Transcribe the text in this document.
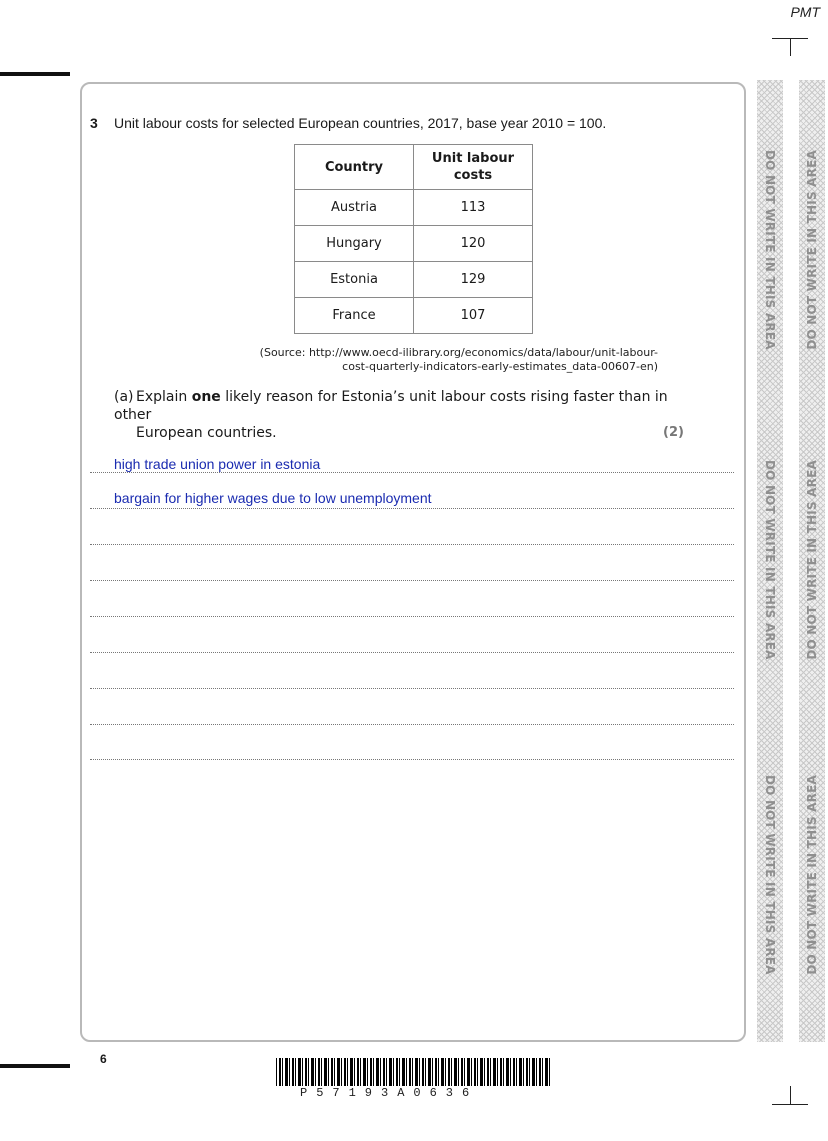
PMT
3 Unit labour costs for selected European countries, 2017, base year 2010 = 100.
Country	Unit labour costs

Austria	113
Hungary	120
Estonia	129
France	107
(Source: http://www.oecd-ilibrary.org/economics/data/labour/unit-labour-
cost-quarterly-indicators-early-estimates_data-00607-en)
(a) Explain one likely reason for Estonia’s unit labour costs rising faster than in other
European countries.	(2)
high trade union power in estonia
bargain for higher wages due to low unemployment
DO NOT WRITE IN THIS AREA
DO NOT WRITE IN THIS AREA
DO NOT WRITE IN THIS AREA
DO NOT WRITE IN THIS AREA
DO NOT WRITE IN THIS AREA
DO NOT WRITE IN THIS AREA
6
P57193A0636
